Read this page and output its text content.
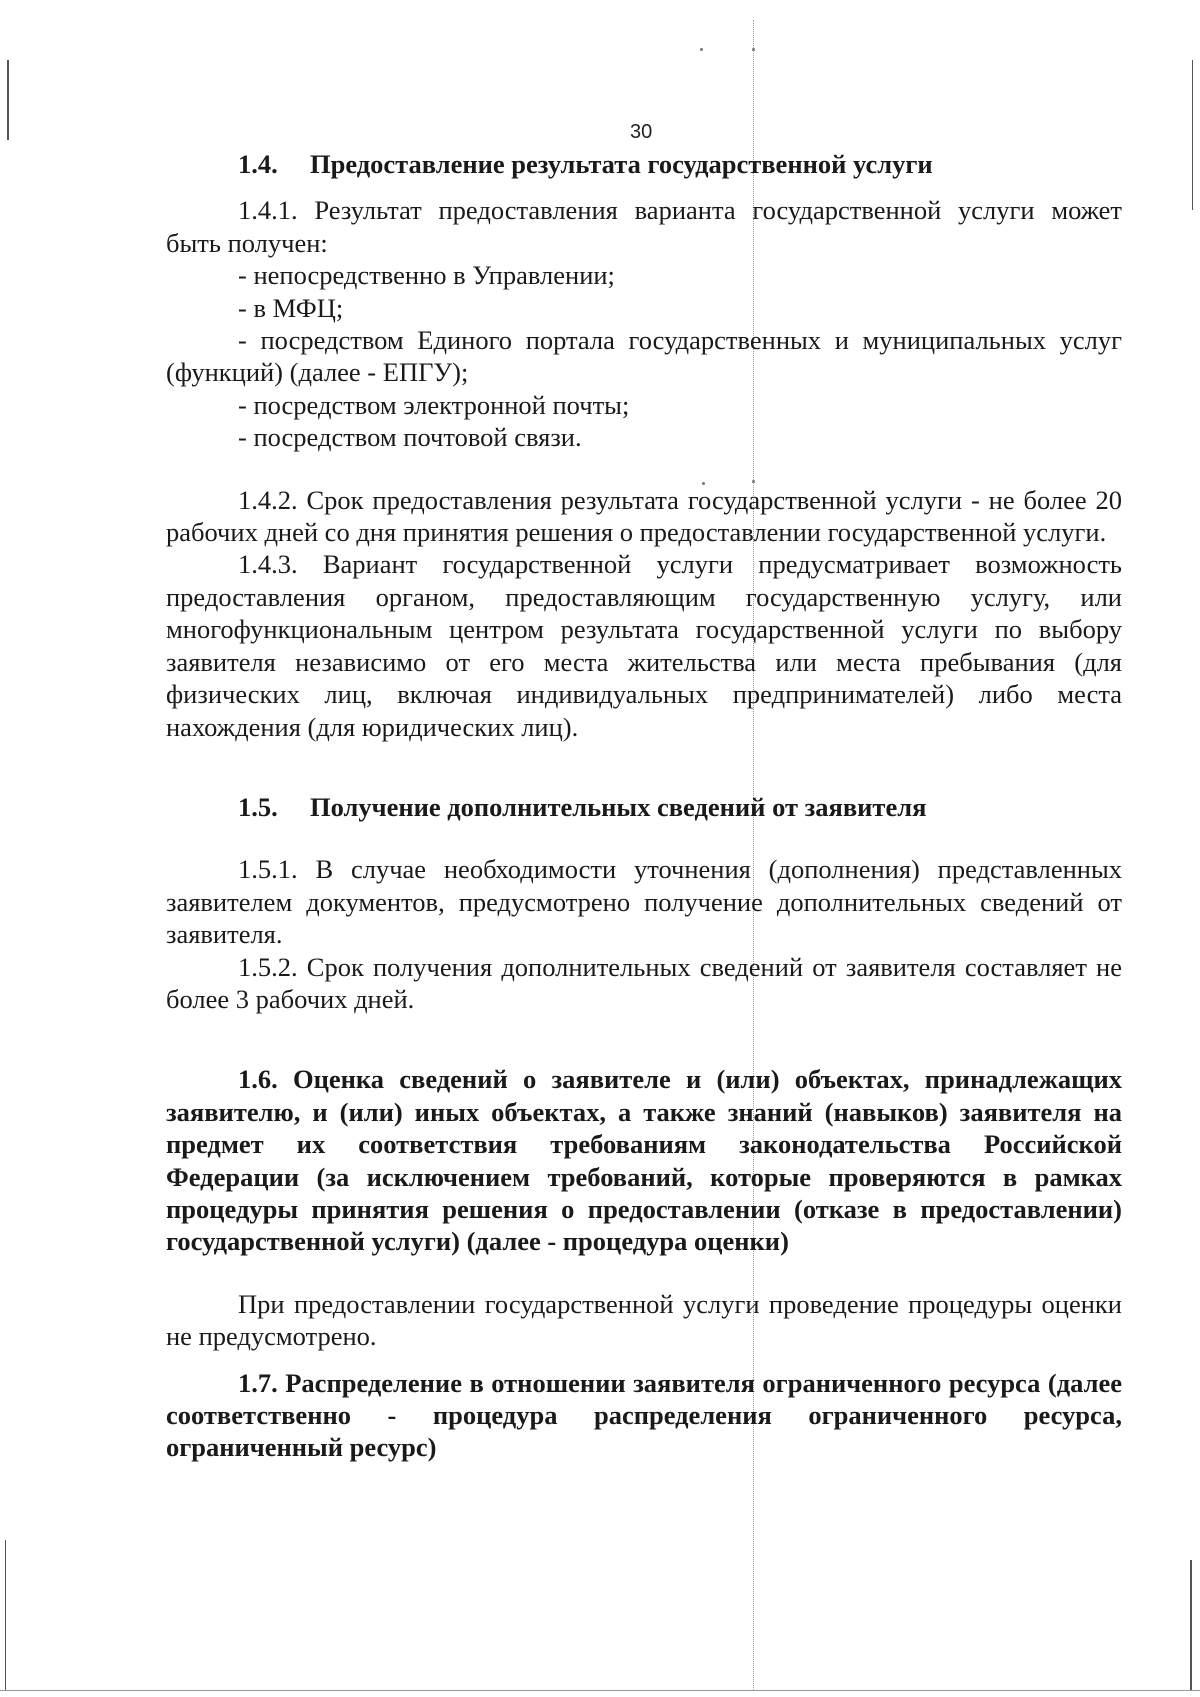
30
1.4. Предоставление результата государственной услуги

1.4.1. Результат предоставления варианта государственной услуги может быть получен:

- непосредственно в Управлении;

- в МФЦ;

- посредством Единого портала государственных и муниципальных услуг (функций) (далее - ЕПГУ);

- посредством электронной почты;

- посредством почтовой связи.

1.4.2. Срок предоставления результата государственной услуги - не более 20 рабочих дней со дня принятия решения о предоставлении государственной услуги.

1.4.3. Вариант государственной услуги предусматривает возможность предоставления органом, предоставляющим государственную услугу, или многофункциональным центром результата государственной услуги по выбору заявителя независимо от его места жительства или места пребывания (для физических лиц, включая индивидуальных предпринимателей) либо места нахождения (для юридических лиц).

1.5. Получение дополнительных сведений от заявителя

1.5.1. В случае необходимости уточнения (дополнения) представленных заявителем документов, предусмотрено получение дополнительных сведений от заявителя.

1.5.2. Срок получения дополнительных сведений от заявителя составляет не более 3 рабочих дней.

1.6. Оценка сведений о заявителе и (или) объектах, принадлежащих заявителю, и (или) иных объектах, а также знаний (навыков) заявителя на предмет их соответствия требованиям законодательства Российской Федерации (за исключением требований, которые проверяются в рамках процедуры принятия решения о предоставлении (отказе в предоставлении) государственной услуги) (далее - процедура оценки)

При предоставлении государственной услуги проведение процедуры оценки не предусмотрено.

1.7. Распределение в отношении заявителя ограниченного ресурса (далее соответственно - процедура распределения ограниченного ресурса, ограниченный ресурс)
